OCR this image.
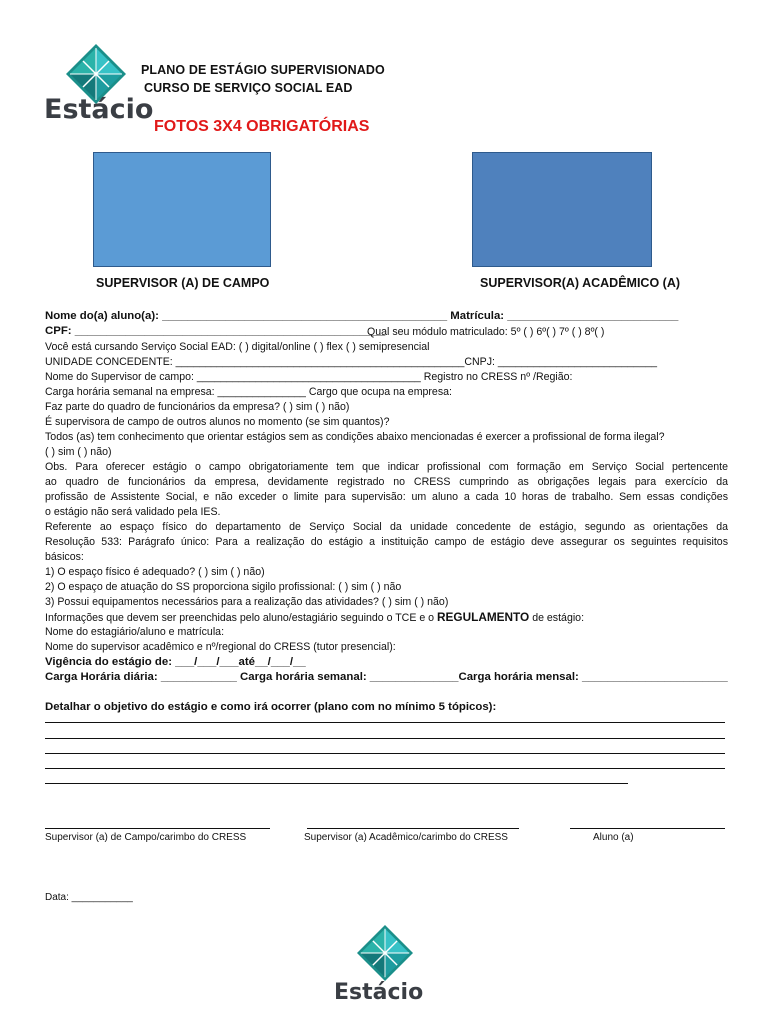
Estácio
PLANO DE ESTÁGIO SUPERVISIONADO
CURSO DE SERVIÇO SOCIAL EAD
FOTOS 3X4 OBRIGATÓRIAS
SUPERVISOR (A) DE CAMPO	SUPERVISOR(A) ACADÊMICO (A)
Nome do(a) aluno(a): _____________________________________________ Matrícula: ___________________________
CPF: _________________________________________________
Qual seu módulo matriculado: 5º ( ) 6º( ) 7º ( ) 8º( )
Você está cursando Serviço Social EAD: ( ) digital/online ( ) flex ( ) semipresencial
UNIDADE CONCEDENTE: _________________________________________________CNPJ: ___________________________
Nome do Supervisor de campo: ______________________________________ Registro no CRESS nº /Região:
Carga horária semanal na empresa: _______________ Cargo que ocupa na empresa:
Faz parte do quadro de funcionários da empresa? ( ) sim ( ) não)
É supervisora de campo de outros alunos no momento (se sim quantos)?
Todos (as) tem conhecimento que orientar estágios sem as condições abaixo mencionadas é exercer a profissional de forma ilegal?
( ) sim ( ) não)
Obs. Para oferecer estágio o campo obrigatoriamente tem que indicar profissional com formação em Serviço Social pertencente
ao quadro de funcionários da empresa, devidamente registrado no CRESS cumprindo as obrigações legais para exercício da
profissão de Assistente Social, e não exceder o limite para supervisão: um aluno a cada 10 horas de trabalho. Sem essas condições
o estágio não será validado pela IES.
Referente ao espaço físico do departamento de Serviço Social da unidade concedente de estágio, segundo as orientações da
Resolução 533: Parágrafo único: Para a realização do estágio a instituição campo de estágio deve assegurar os seguintes requisitos
básicos:
1) O espaço físico é adequado? ( ) sim ( ) não)
2) O espaço de atuação do SS proporciona sigilo profissional: ( ) sim ( ) não
3) Possui equipamentos necessários para a realização das atividades? ( ) sim ( ) não)
Informações que devem ser preenchidas pelo aluno/estagiário seguindo o TCE e o REGULAMENTO de estágio:
Nome do estagiário/aluno e matrícula:
Nome do supervisor acadêmico e nº/regional do CRESS (tutor presencial):
Vigência do estágio de: ___/___/___até__/___/__
Carga Horária diária: ____________ Carga horária semanal: ______________Carga horária mensal: _______________________
Detalhar o objetivo do estágio e como irá ocorrer (plano com no mínimo 5 tópicos):
Supervisor (a) de Campo/carimbo do CRESS	Supervisor (a) Acadêmico/carimbo do CRESS	Aluno (a)
Data: ___________
Estácio
